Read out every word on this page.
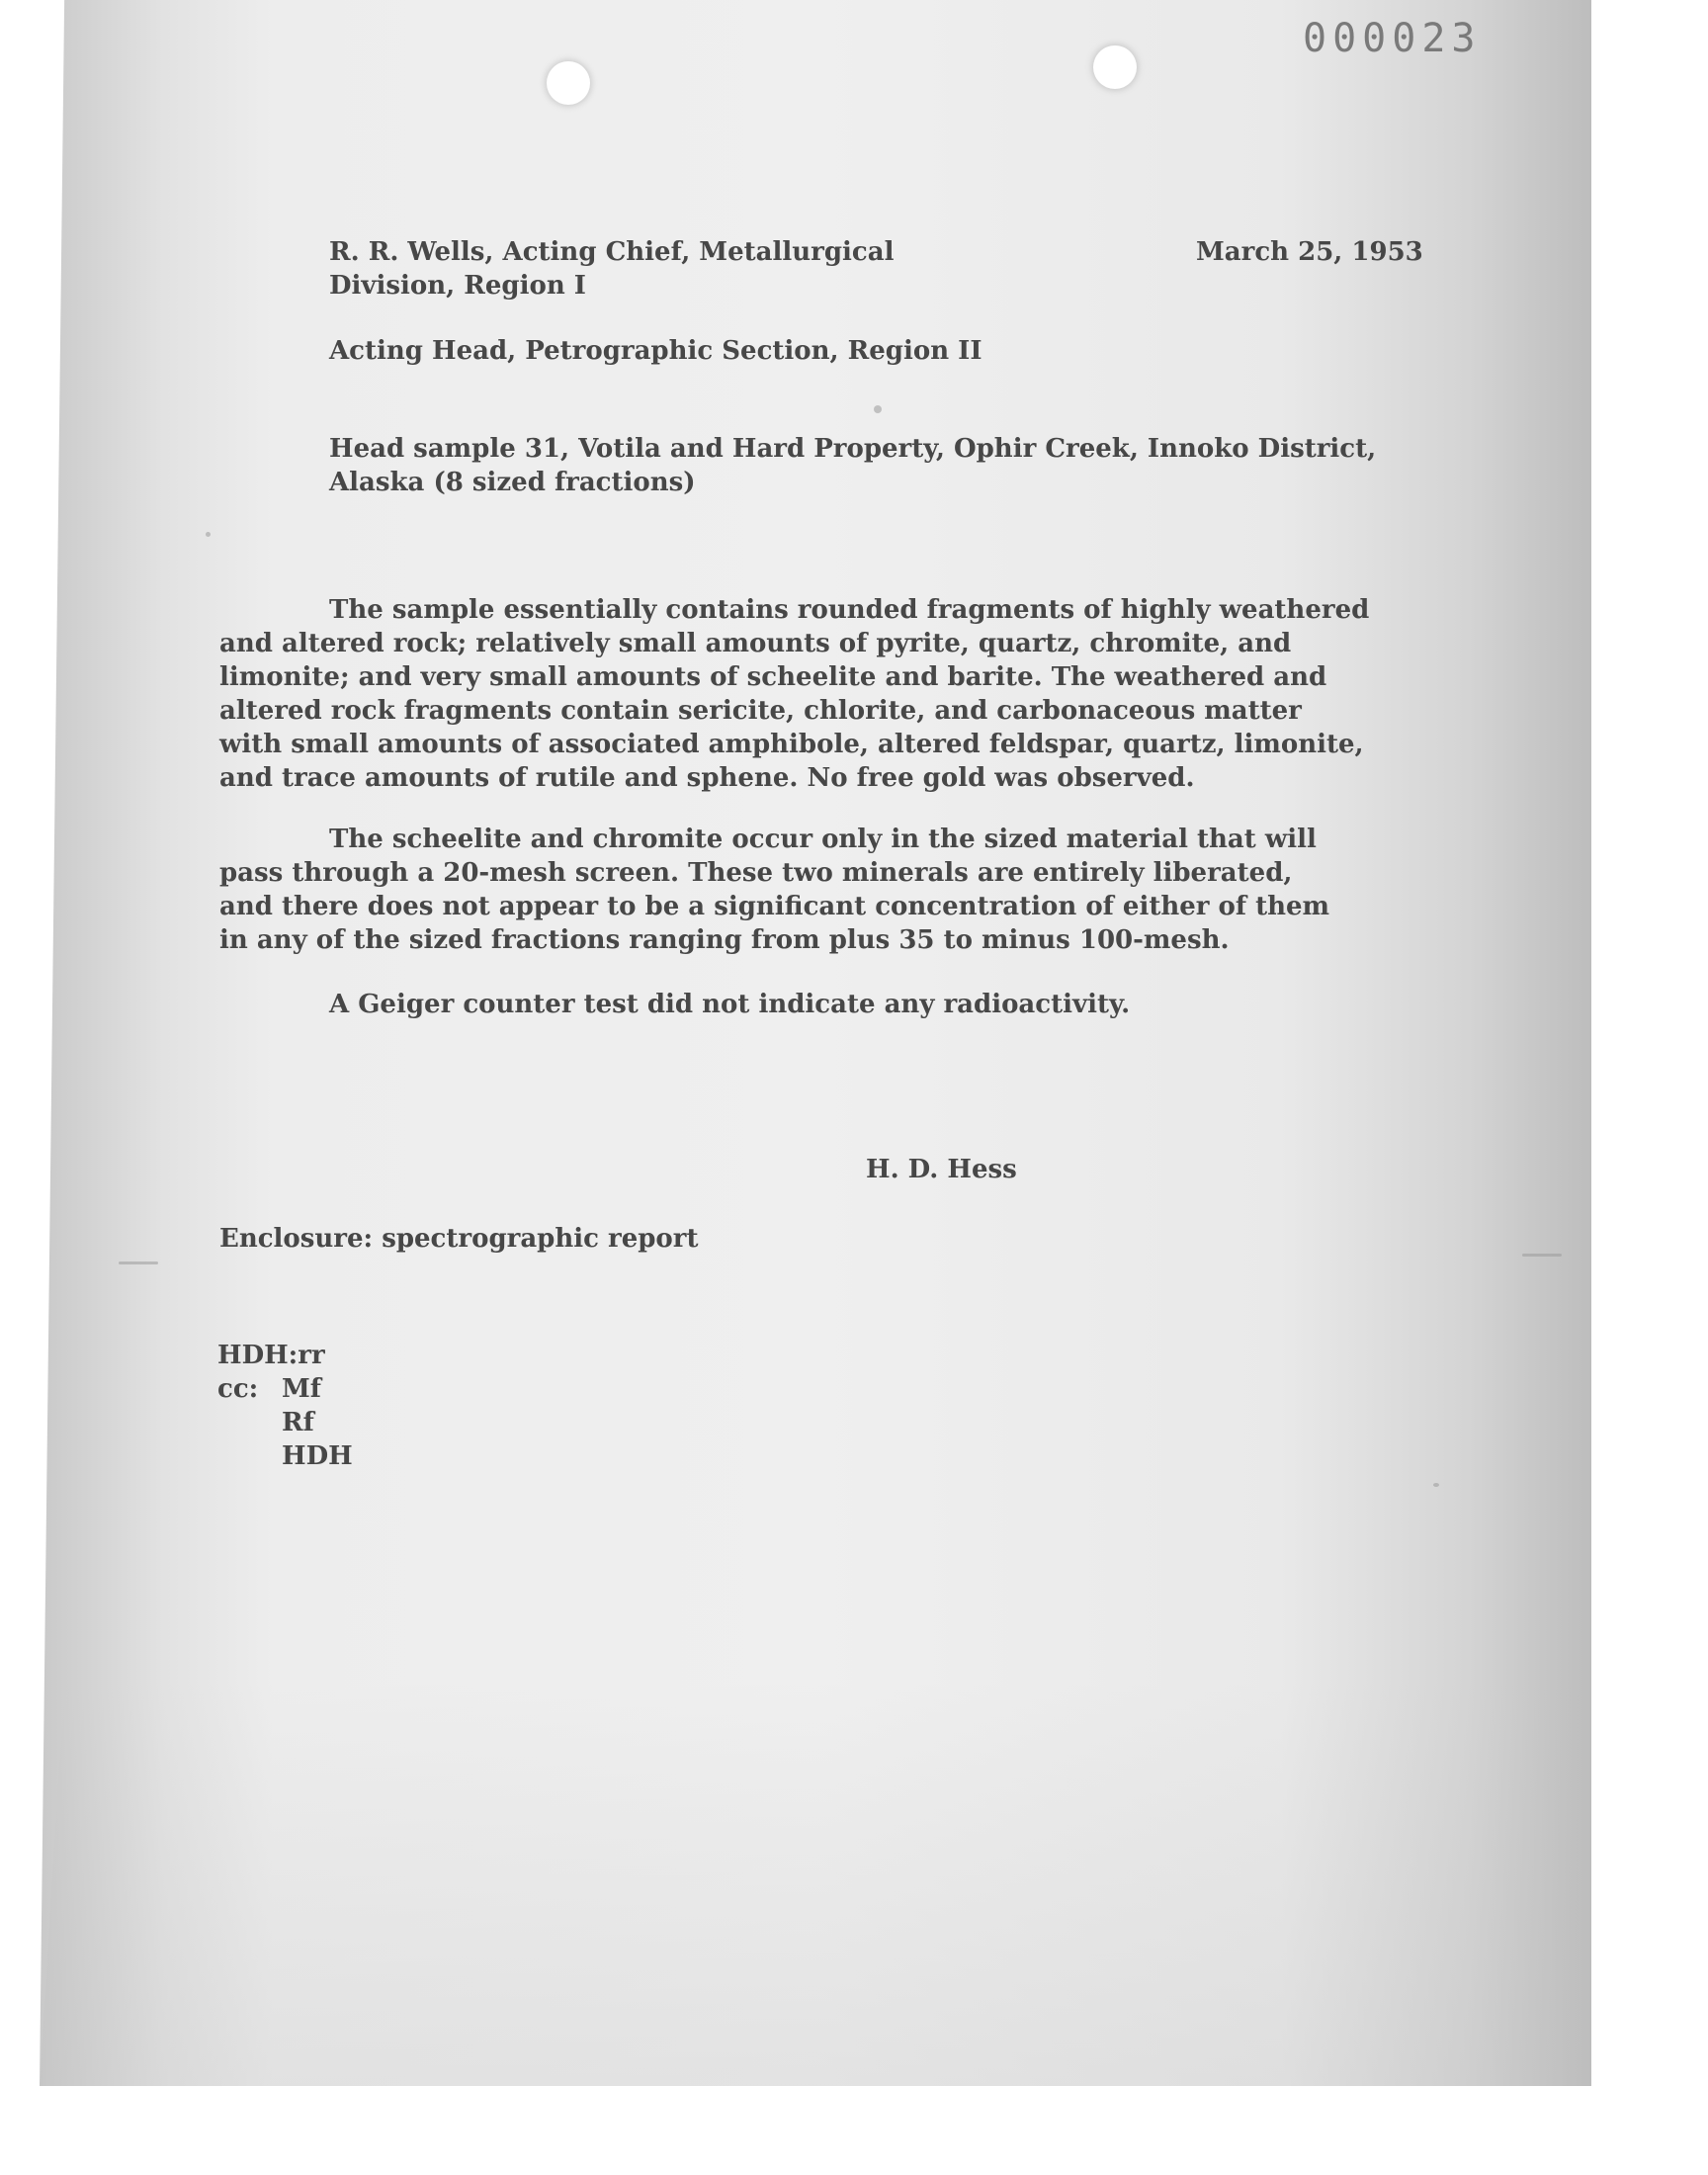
000023
R. R. Wells, Acting Chief, Metallurgical
Division, Region I
March 25, 1953
Acting Head, Petrographic Section, Region II
Head sample 31, Votila and Hard Property, Ophir Creek, Innoko District,
Alaska (8 sized fractions)
The sample essentially contains rounded fragments of highly weathered
and altered rock; relatively small amounts of pyrite, quartz, chromite, and
limonite; and very small amounts of scheelite and barite. The weathered and
altered rock fragments contain sericite, chlorite, and carbonaceous matter
with small amounts of associated amphibole, altered feldspar, quartz, limonite,
and trace amounts of rutile and sphene. No free gold was observed.
The scheelite and chromite occur only in the sized material that will
pass through a 20-mesh screen. These two minerals are entirely liberated,
and there does not appear to be a significant concentration of either of them
in any of the sized fractions ranging from plus 35 to minus 100-mesh.
A Geiger counter test did not indicate any radioactivity.
H. D. Hess
Enclosure: spectrographic report
HDH:rr
cc: Mf
Rf
HDH
